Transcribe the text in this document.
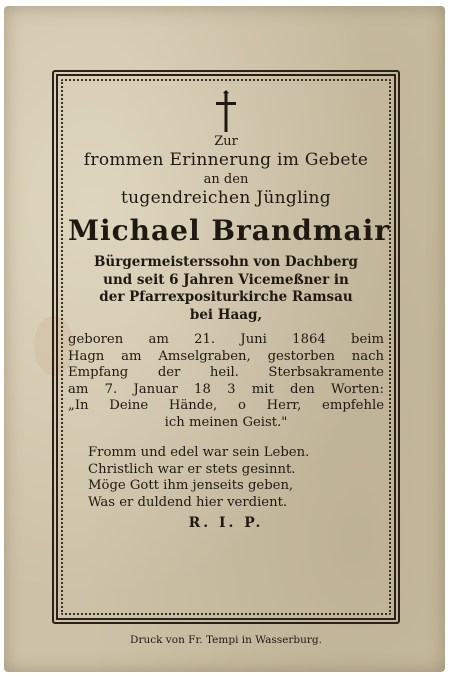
Zur
frommen Erinnerung im Gebete
an den
tugendreichen Jüngling
Michael Brandmair
Bürgermeisterssohn von Dachberg
und seit 6 Jahren Vicemeßner in
der Pfarrexpositurkirche Ramsau
bei Haag,
geboren am 21. Juni 1864 beim
Hagn am Amselgraben, gestorben nach
Empfang der heil. Sterbsakramente
am 7. Januar 18 3 mit den Worten:
„In Deine Hände, o Herr, empfehle
ich meinen Geist."
Fromm und edel war sein Leben.
Christlich war er stets gesinnt.
Möge Gott ihm jenseits geben,
Was er duldend hier verdient.
R. I. P.
Druck von Fr. Tempi in Wasserburg.
